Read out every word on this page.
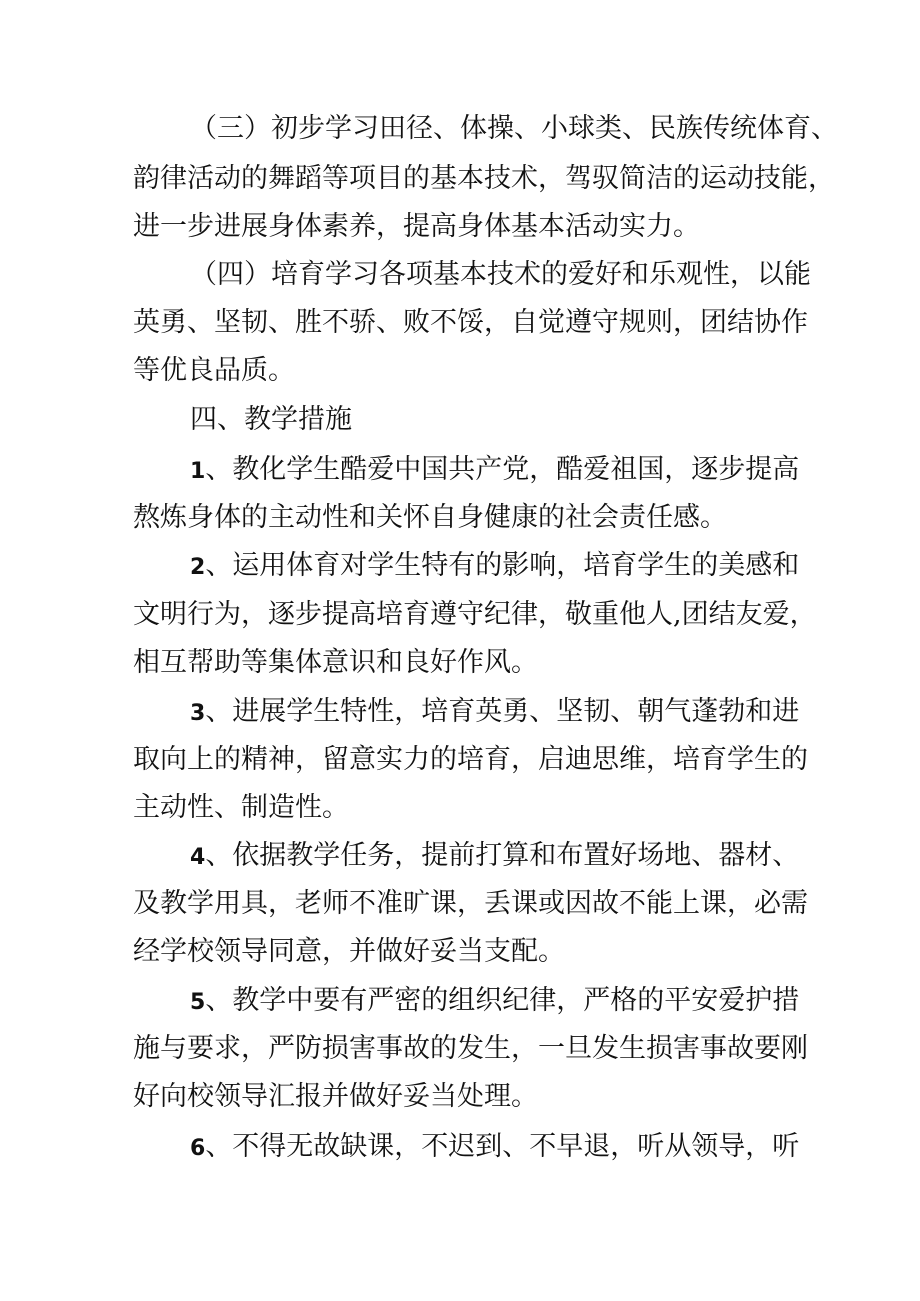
（三）初步学习田径、体操、小球类、民族传统体育、
韵律活动的舞蹈等项目的基本技术，驾驭简洁的运动技能，
进一步进展身体素养，提高身体基本活动实力。
（四）培育学习各项基本技术的爱好和乐观性，以能
英勇、坚韧、胜不骄、败不馁，自觉遵守规则，团结协作
等优良品质。
四、教学措施
1、教化学生酷爱中国共产党，酷爱祖国，逐步提高
熬炼身体的主动性和关怀自身健康的社会责任感。
2、运用体育对学生特有的影响，培育学生的美感和
文明行为，逐步提高培育遵守纪律，敬重他人,团结友爱，
相互帮助等集体意识和良好作风。
3、进展学生特性，培育英勇、坚韧、朝气蓬勃和进
取向上的精神，留意实力的培育，启迪思维，培育学生的
主动性、制造性。
4、依据教学任务，提前打算和布置好场地、器材、
及教学用具，老师不准旷课，丢课或因故不能上课，必需
经学校领导同意，并做好妥当支配。
5、教学中要有严密的组织纪律，严格的平安爱护措
施与要求，严防损害事故的发生，一旦发生损害事故要刚
好向校领导汇报并做好妥当处理。
6、不得无故缺课，不迟到、不早退，听从领导，听
